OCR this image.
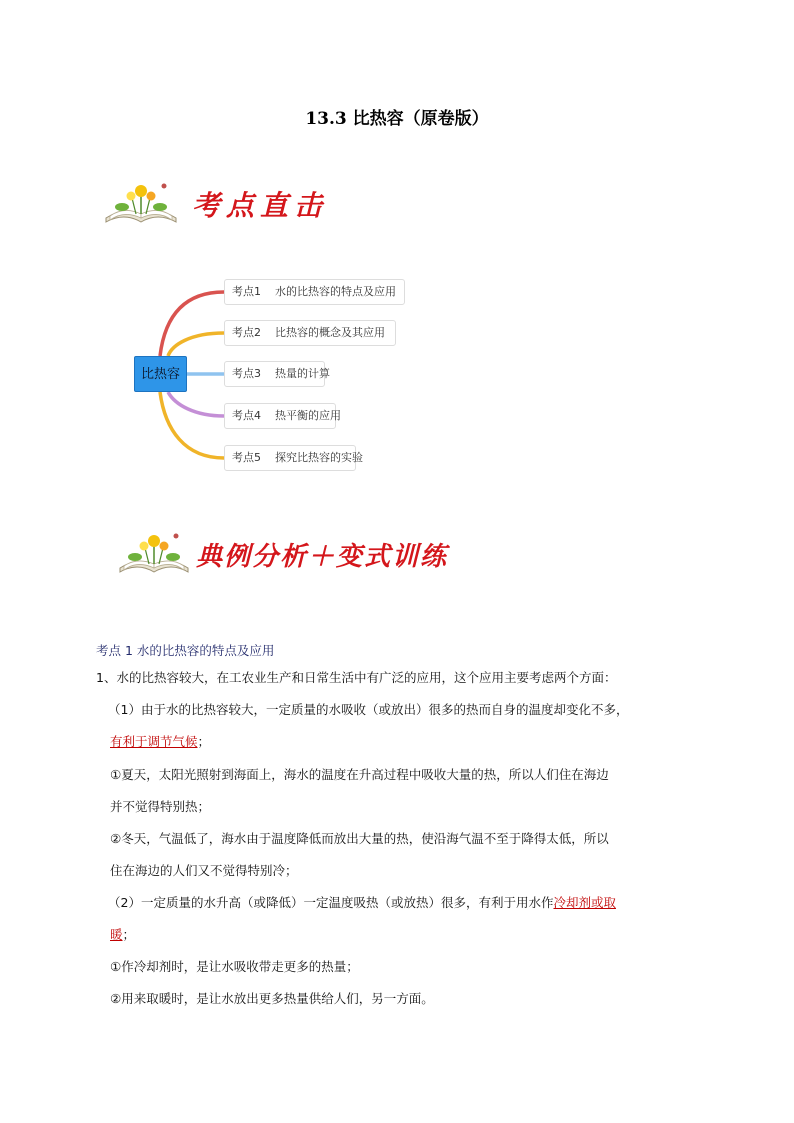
13.3 比热容（原卷版）
考点直击
比热容
考点1    水的比热容的特点及应用
考点2    比热容的概念及其应用
考点3    热量的计算
考点4    热平衡的应用
考点5    探究比热容的实验
典例分析＋变式训练
考点 1 水的比热容的特点及应用
1、水的比热容较大，在工农业生产和日常生活中有广泛的应用，这个应用主要考虑两个方面：
（1）由于水的比热容较大，一定质量的水吸收（或放出）很多的热而自身的温度却变化不多，
有利于调节气候；
①夏天，太阳光照射到海面上，海水的温度在升高过程中吸收大量的热，所以人们住在海边
并不觉得特别热；
②冬天，气温低了，海水由于温度降低而放出大量的热，使沿海气温不至于降得太低，所以
住在海边的人们又不觉得特别冷；
（2）一定质量的水升高（或降低）一定温度吸热（或放热）很多，有利于用水作冷却剂或取
暖；
①作冷却剂时，是让水吸收带走更多的热量；
②用来取暖时，是让水放出更多热量供给人们，另一方面。
